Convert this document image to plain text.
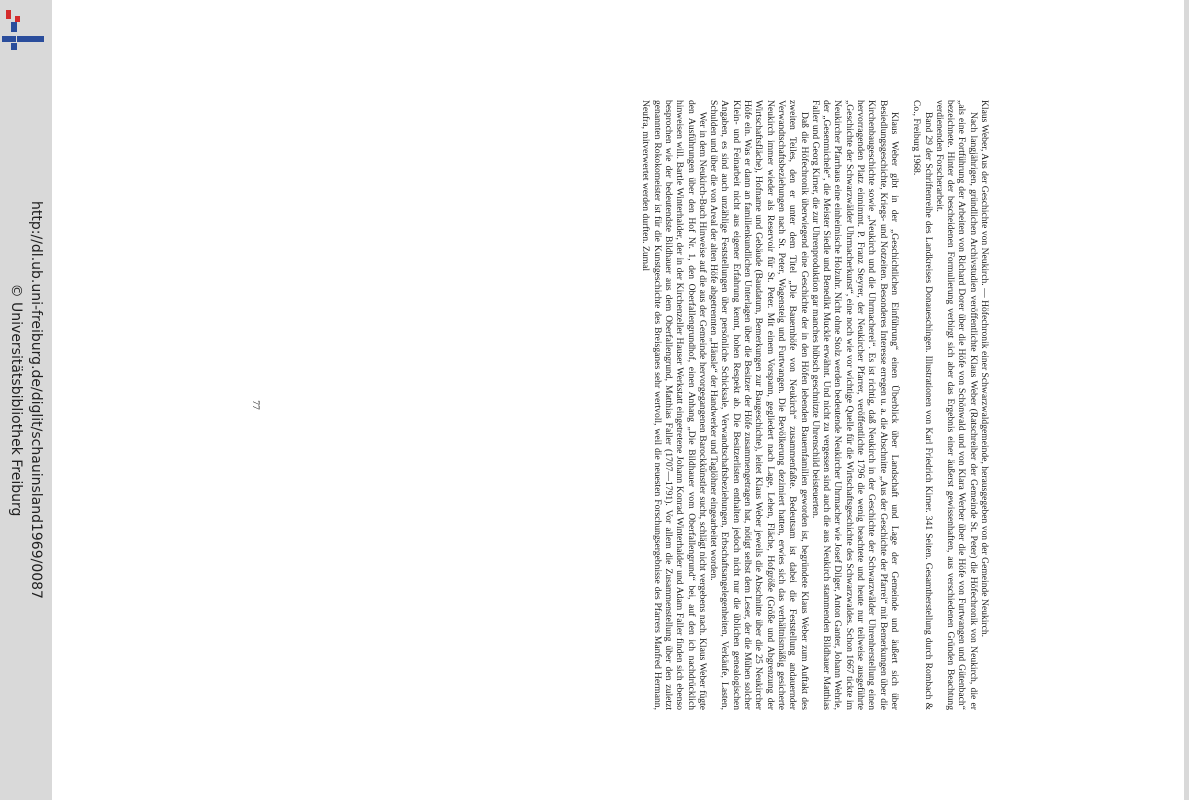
http://dl.ub.uni-freiburg.de/diglit/schauinsland1969/0087
© Universitätsbibliothek Freiburg	Klaus Weber, Aus der Geschichte von Neukirch. — Höfechronik einer Schwarzwaldgemeinde, herausgegeben von der Gemeinde Neukirch.

Nach langjährigen, gründlichen Archivstudien veröffentlichte Klaus Weber (Ratschreiber der Gemeinde St. Peter) die Höfechronik von Neukirch, die er „als eine Fortführung der Arbeiten von Richard Dorer über die Höfe von Schönwald und von Klara Werber über die Höfe von Furtwangen und Gütenbach“ bezeichnete. Hinter der bescheidenen Formulierung verbirgt sich aber das Ergebnis einer äußerst gewissenhaften, aus verschiedenen Gründen Beachtung verdienenden Forscherarbeit.

Band 29 der Schriftenreihe des Landkreises Donaueschingen. Illustrationen von Karl Friedrich Kirner. 341 Seiten. Gesamtherstellung durch Rombach & Co., Freiburg 1968.

Klaus Weber gibt in der „Geschichtlichen Einführung“ einen Überblick über Landschaft und Lage der Gemeinde und äußert sich über Besiedlungsgeschichte, Kriegs- und Notzeiten. Besonderes Interesse erregen u. a. die Abschnitte „Aus der Geschichte der Pfarrei“ mit Bemerkungen über die Kirchenbaugeschichte sowie „Neukirch und die Uhrmacherei“. Es ist richtig, daß Neukirch in der Geschichte der Schwarzwälder Uhrenherstellung einen hervorragenden Platz einnimmt. P. Franz Steyrer, der Neukircher Pfarrer, veröffentlichte 1796 die wenig beachtete und heute nur teilweise ausgeführte „Geschichte der Schwarzwälder Uhrmacherkunst“, eine noch wie vor wichtige Quelle für die Wirtschaftsgeschichte des Schwarzwaldes. Schon 1667 tickte im Neukircher Pfarrhaus eine einheimische Holzuhr. Nicht ohne Stolz werden bedeutende Neukircher Uhrmacher wie Josef Dilger, Anton Ganter, Johann Wehrle, der „Gesenmichele“, die Meister Siedle und Benedikt Muckle erwähnt. Und nicht zu vergessen sind auch die aus Neukirch stammenden Bildhauer Matthias Faller und Georg Kirner, die zur Uhrenproduktion gar manches hübsch geschnitzte Uhrenschild beisteuerten.

Daß die Höfechronik überwiegend eine Geschichte der in den Höfen lebenden Bauernfamilien geworden ist, begründete Klaus Weber zum Auftakt des zweiten Teiles, den er unter dem Titel „Die Bauernhöfe von Neukirch“ zusammenfaßte. Bedeutsam ist dabei die Feststellung andauernder Verwandtschaftsbeziehungen nach St. Peter, Wagensteig und Furtwangen. Die Bevölkerung dezimiert hatten, erwies sich das verhältnismäßig gesicherte Neukirch immer wieder als Reservoir für St. Peter. Mit einem Vorspann, gegliedert nach Lage, Lehen, Fläche, Hofgröße (Größe und Abgrenzung der Wirtschaftsfläche), Hofname und Gebäude (Baudatum, Bemerkungen zur Baugeschichte), leitet Klaus Weber jeweils die Abschnitte über die 25 Neukircher Höfe ein. Was er dann an familienkundlichen Unterlagen über die Besitzer der Höfe zusammengetragen hat, nötigt selbst dem Leser, der die Mühen solcher Klein- und Feinarbeit nicht aus eigener Erfahrung kennt, hohen Respekt ab. Die Besitzerlisten enthalten jedoch nicht nur die üblichen genealogischen Angaben, es sind auch unzählige Feststellungen über persönliche Schicksale, Verwandtschaftsbeziehungen, Erbschaftsangelegenheiten, Verkäufe, Lasten, Schulden und über die von Areal der alten Höfe abgetrennten „Häusle“ der Handwerker und Taglöhner eingearbeitet worden.

Wer in dem Neukirch-Buch Hinweise auf die aus der Gemeinde hervorgegangenen Barockkünstler sucht, schlägt nicht vergebens nach. Klaus Weber fügte den Ausführungen über den Hof Nr. 1, den Oberfallengrundhof, einen Anhang „Die Bildhauer vom Oberfallengrund“ bei, auf den ich nachdrücklich hinweisen will. Bartle Winterhalder, der in der Kirchenzeller Hauser Werkstatt eingetretene Johann Konrad Winterhalder und Adam Faller finden sich ebenso besprochen wie der bedeutendste Bildhauer aus dem Oberfallengrund, Matthias Faller (1707—1791). Vor allem die Zusammenstellung über den zuletzt genannten Rokokomeister ist für die Kunstgeschichte des Breisganes sehr wertvoll, weil die neuesten Forschungsergebnisse des Pfarrers Manfred Hermann, Neufra, mitverwertet werden durften. Zumal

77
